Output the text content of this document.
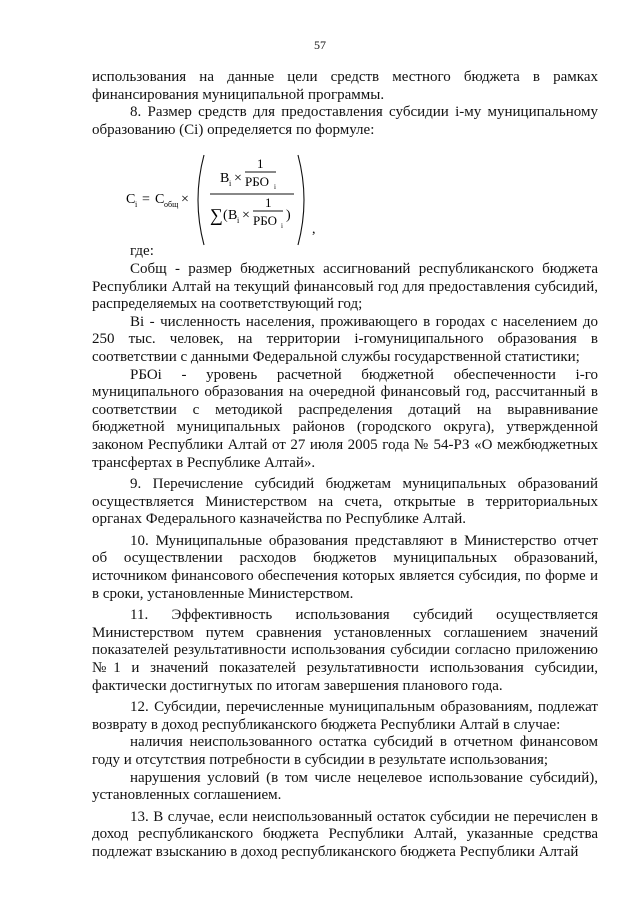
57
C i = C общ ×
B i ×
1
РБО i
∑ ( B i ×
1
РБО i
)
,

использования на данные цели средств местного бюджета в рамках финансирования муниципальной программы.

8. Размер средств для предоставления субсидии i-му муниципальному образованию (Ci) определяется по формуле:

где:

Собщ - размер бюджетных ассигнований республиканского бюджета Республики Алтай на текущий финансовый год для предоставления субсидий, распределяемых на соответствующий год;

Bi - численность населения, проживающего в городах с населением до 250 тыс. человек, на территории i-гомуниципального образования в соответствии с данными Федеральной службы государственной статистики;

РБОi - уровень расчетной бюджетной обеспеченности i-го муниципального образования на очередной финансовый год, рассчитанный в соответствии с методикой распределения дотаций на выравнивание бюджетной муниципальных районов (городского округа), утвержденной законом Республики Алтай от 27 июля 2005 года № 54-РЗ «О межбюджетных трансфертах в Республике Алтай».

9. Перечисление субсидий бюджетам муниципальных образований осуществляется Министерством на счета, открытые в территориальных органах Федерального казначейства по Республике Алтай.

10. Муниципальные образования представляют в Министерство отчет об осуществлении расходов бюджетов муниципальных образований, источником финансового обеспечения которых является субсидия, по форме и в сроки, установленные Министерством.

11. Эффективность использования субсидий осуществляется Министерством путем сравнения установленных соглашением значений показателей результативности использования субсидии согласно приложению №1 и значений показателей результативности использования субсидии, фактически достигнутых по итогам завершения планового года.

12. Субсидии, перечисленные муниципальным образованиям, подлежат возврату в доход республиканского бюджета Республики Алтай в случае:

наличия неиспользованного остатка субсидий в отчетном финансовом году и отсутствия потребности в субсидии в результате использования;

нарушения условий (в том числе нецелевое использование субсидий), установленных соглашением.

13. В случае, если неиспользованный остаток субсидии не перечислен в доход республиканского бюджета Республики Алтай, указанные средства подлежат взысканию в доход республиканского бюджета Республики Алтай
